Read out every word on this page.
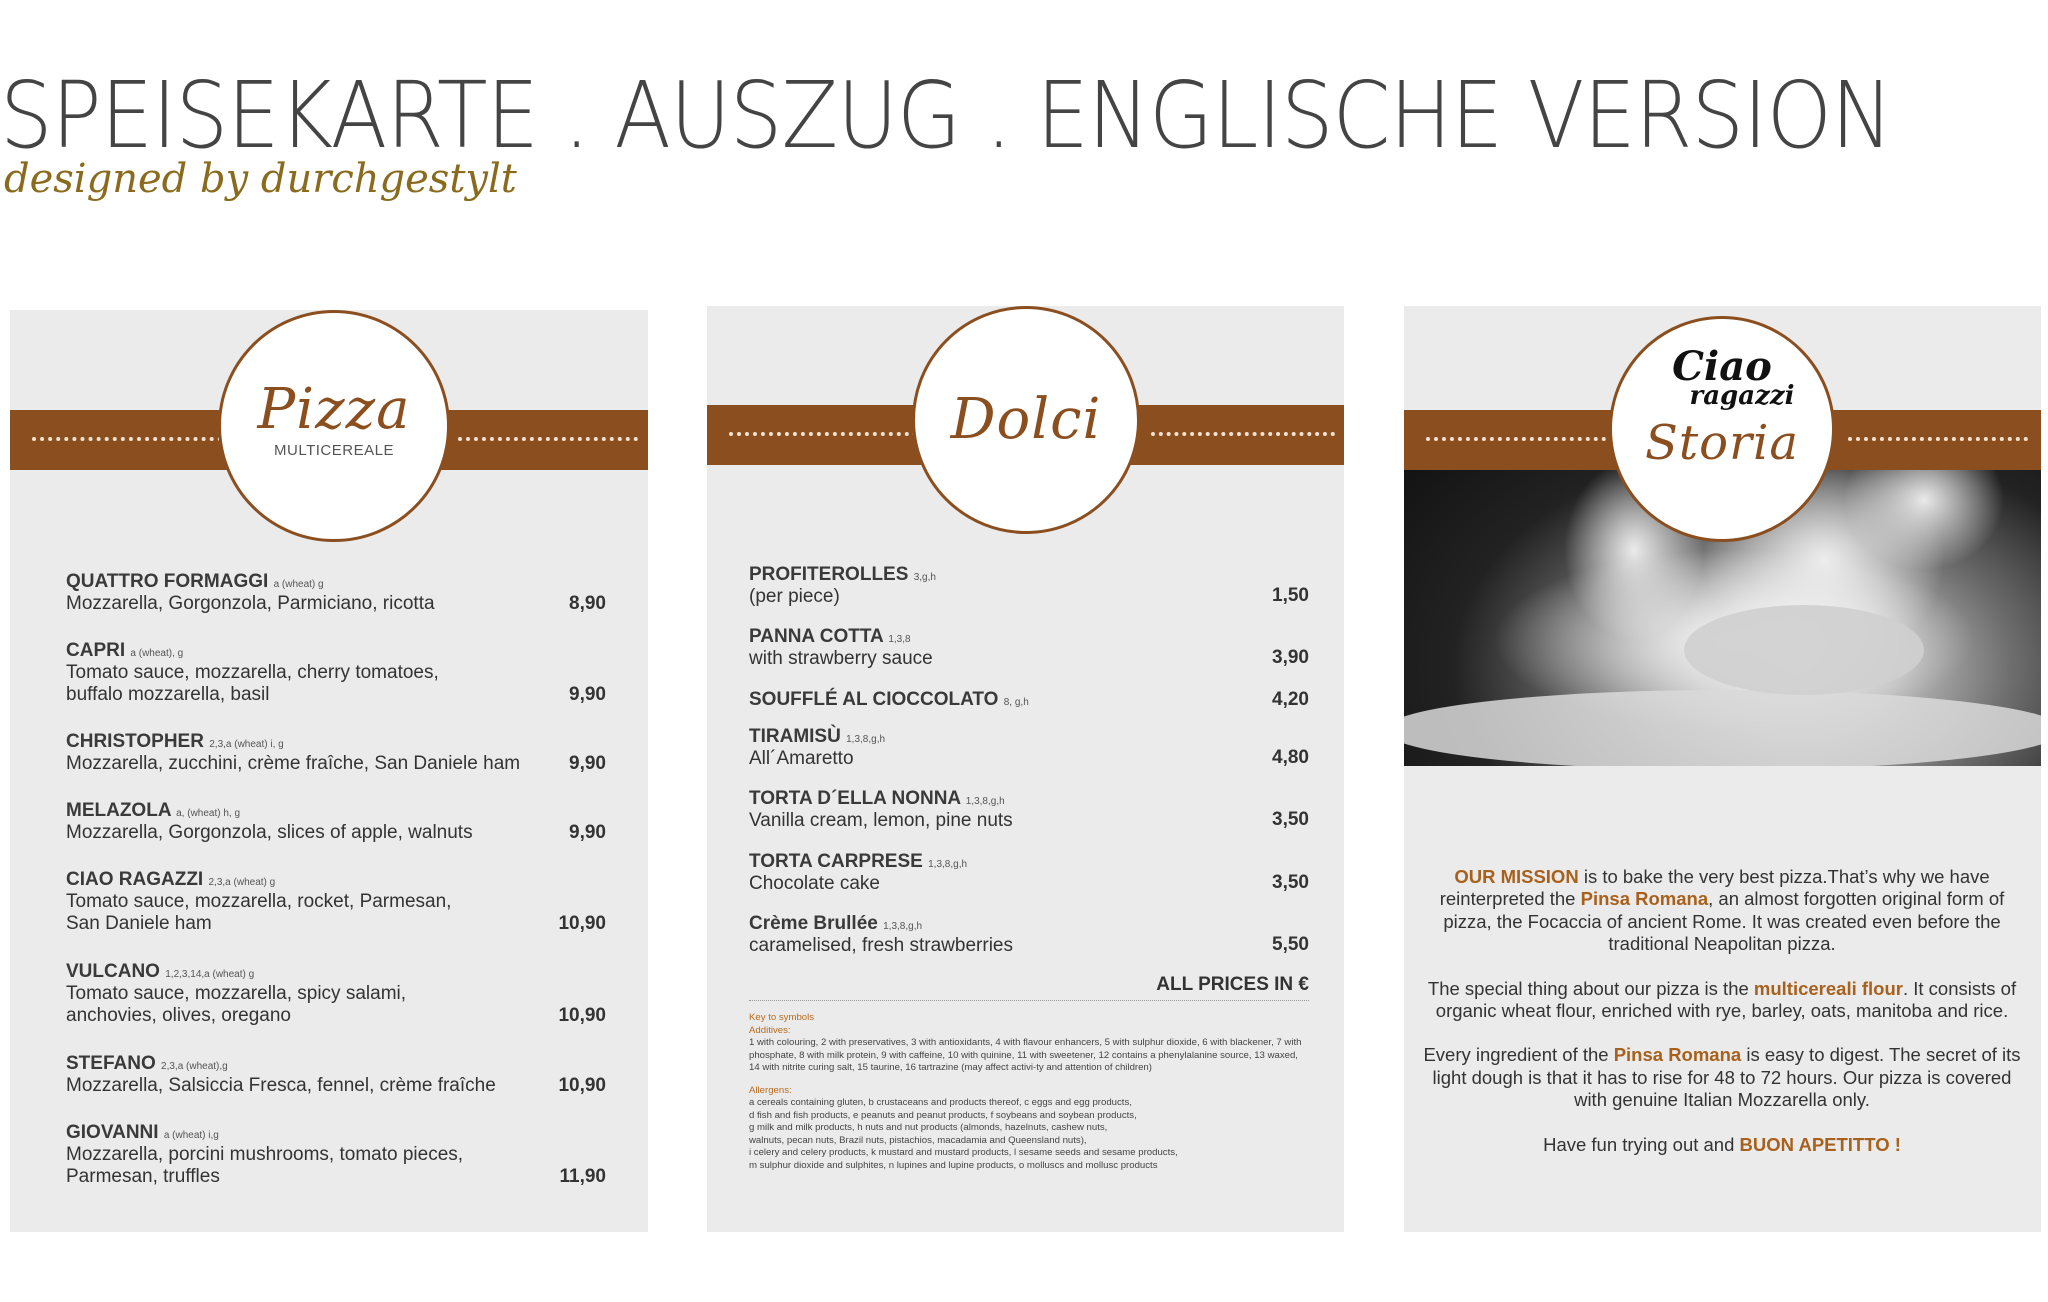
SPEISEKARTE . AUSZUG . ENGLISCHE VERSION
designed by durchgestylt
Pizza
MULTICEREALE
QUATTRO FORMAGGI a (wheat) g
Mozzarella, Gorgonzola, Parmiciano, ricotta	8,90
CAPRI a (wheat), g
Tomato sauce, mozzarella, cherry tomatoes, buffalo mozzarella, basil	9,90
CHRISTOPHER 2,3,a (wheat) i, g
Mozzarella, zucchini, crème fraîche, San Daniele ham	9,90
MELAZOLA a, (wheat) h, g
Mozzarella, Gorgonzola, slices of apple, walnuts	9,90
CIAO RAGAZZI 2,3,a (wheat) g
Tomato sauce, mozzarella, rocket, Parmesan, San Daniele ham	10,90
VULCANO 1,2,3,14,a (wheat) g
Tomato sauce, mozzarella, spicy salami, anchovies, olives, oregano	10,90
STEFANO 2,3,a (wheat),g
Mozzarella, Salsiccia Fresca, fennel, crème fraîche	10,90
GIOVANNI a (wheat) i,g
Mozzarella, porcini mushrooms, tomato pieces, Parmesan, truffles	11,90
Dolci
PROFITEROLLES 3,g,h
(per piece)	1,50
PANNA COTTA 1,3,8
with strawberry sauce	3,90
SOUFFLÉ AL CIOCCOLATO 8, g,h	4,20
TIRAMISÙ 1,3,8,g,h
All´Amaretto	4,80
TORTA D´ELLA NONNA 1,3,8,g,h
Vanilla cream, lemon, pine nuts	3,50
TORTA CARPRESE 1,3,8,g,h
Chocolate cake	3,50
Crème Brullée 1,3,8,g,h
caramelised, fresh strawberries	5,50
ALL PRICES IN €
Key to symbols
Additives:
1 with colouring, 2 with preservatives, 3 with antioxidants, 4 with flavour enhancers, 5 with sulphur dioxide, 6 with blackener, 7 with phosphate, 8 with milk protein, 9 with caffeine, 10 with quinine, 11 with sweetener, 12 contains a phenylalanine source, 13 waxed, 14 with nitrite curing salt, 15 taurine, 16 tartrazine (may affect activi-ty and attention of children)
Allergens:
a cereals containing gluten, b crustaceans and products thereof, c eggs and egg products,
d fish and fish products, e peanuts and peanut products, f soybeans and soybean products,
g milk and milk products, h nuts and nut products (almonds, hazelnuts, cashew nuts,
walnuts, pecan nuts, Brazil nuts, pistachios, macadamia and Queensland nuts),
i celery and celery products, k mustard and mustard products, l sesame seeds and sesame products,
m sulphur dioxide and sulphites, n lupines and lupine products, o molluscs and mollusc products
Ciao
ragazzi
Storia

OUR MISSION is to bake the very best pizza.That’s why we have reinterpreted the Pinsa Romana, an almost forgotten original form of pizza, the Focaccia of ancient Rome. It was created even before the traditional Neapolitan pizza.

The special thing about our pizza is the multicereali flour. It consists of organic wheat flour, enriched with rye, barley, oats, manitoba and rice.

Every ingredient of the Pinsa Romana is easy to digest. The secret of its light dough is that it has to rise for 48 to 72 hours. Our pizza is covered with genuine Italian Mozzarella only.

Have fun trying out and BUON APETITTO !
